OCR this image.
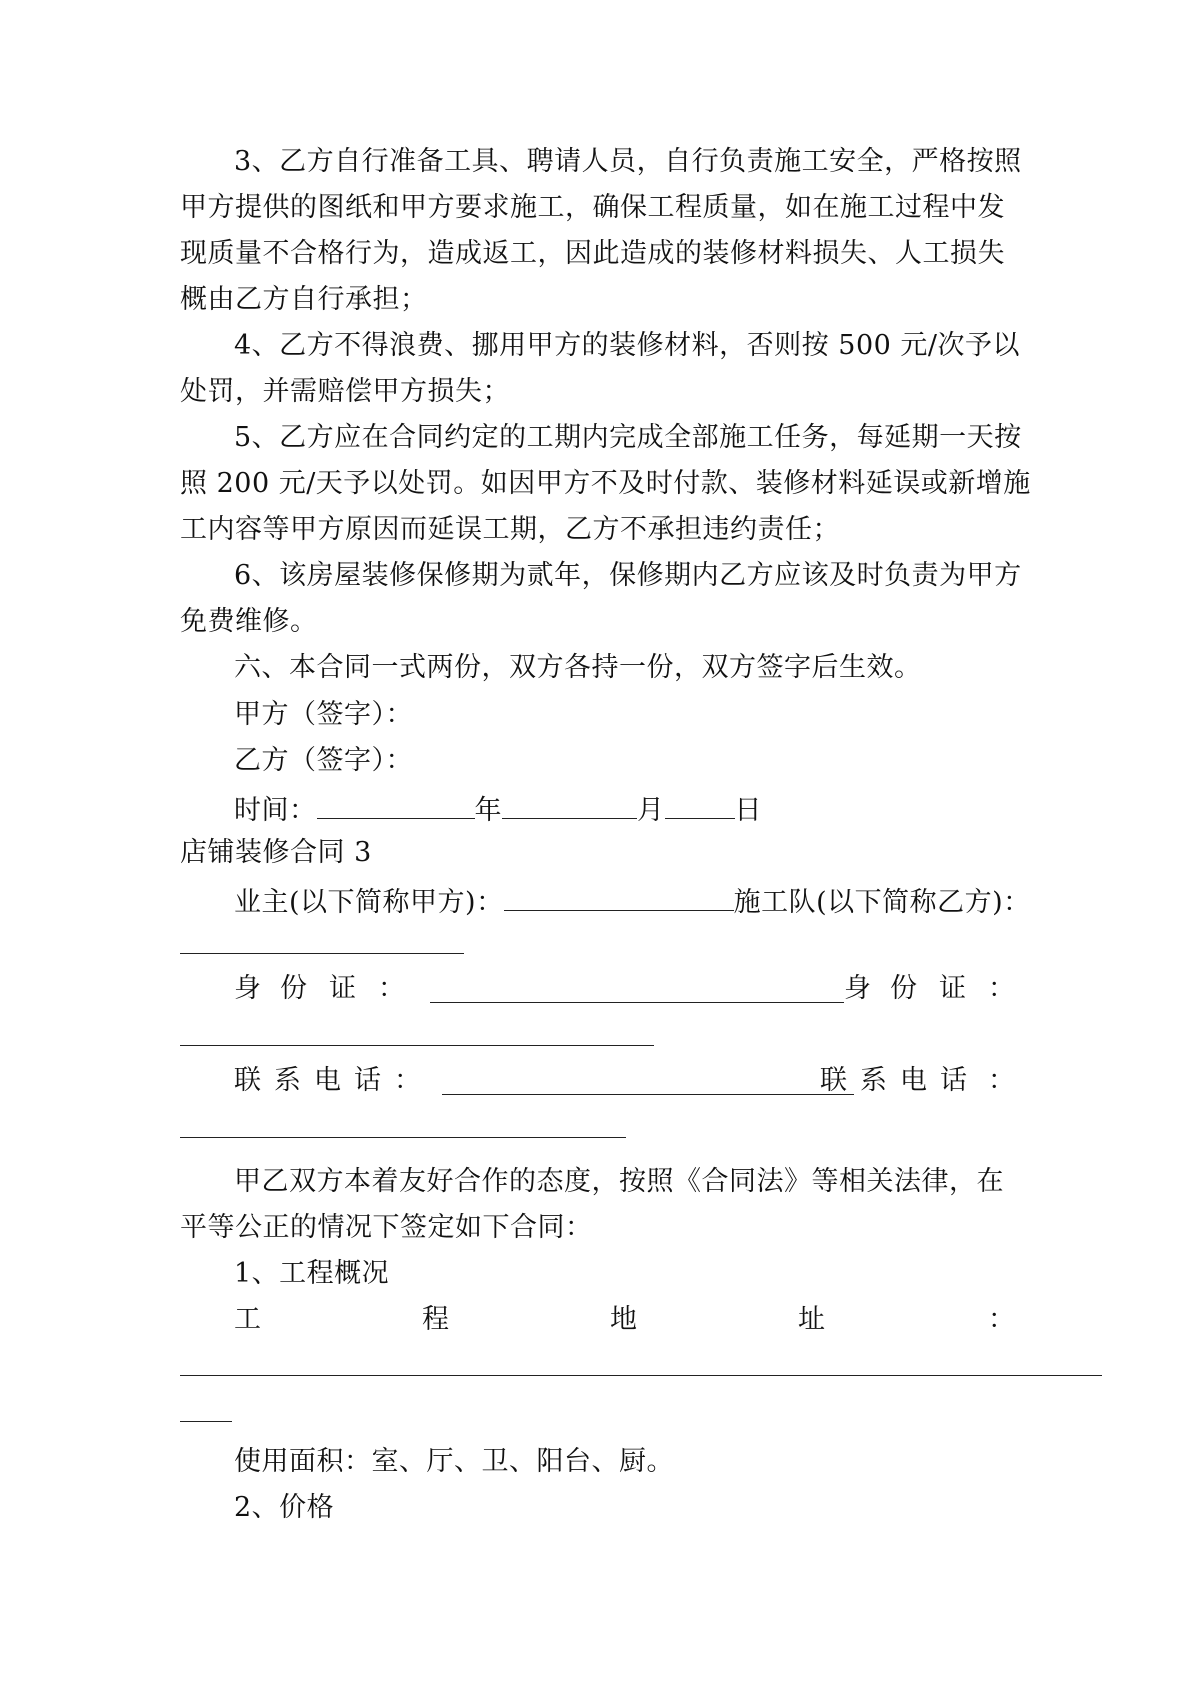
3、乙方自行准备工具、聘请人员，自行负责施工安全，严格按照
甲方提供的图纸和甲方要求施工，确保工程质量，如在施工过程中发
现质量不合格行为，造成返工，因此造成的装修材料损失、人工损失
概由乙方自行承担；
4、乙方不得浪费、挪用甲方的装修材料，否则按 500 元/次予以
处罚，并需赔偿甲方损失；
5、乙方应在合同约定的工期内完成全部施工任务，每延期一天按
照 200 元/天予以处罚。如因甲方不及时付款、装修材料延误或新增施
工内容等甲方原因而延误工期，乙方不承担违约责任；
6、该房屋装修保修期为贰年，保修期内乙方应该及时负责为甲方
免费维修。
六、本合同一式两份，双方各持一份，双方签字后生效。
甲方（签字）：
乙方（签字）：
时间：	年	月	日
店铺装修合同 3
业主(以下简称甲方)：	施工队(以下简称乙方)：
身 份 证 ：	身 份 证 ：
联 系 电 话 ：	联 系 电 话 ：
甲乙双方本着友好合作的态度，按照《合同法》等相关法律，在
平等公正的情况下签定如下合同：
1、工程概况
工	程	地	址	：
使用面积：室、厅、卫、阳台、厨。
2、价格
